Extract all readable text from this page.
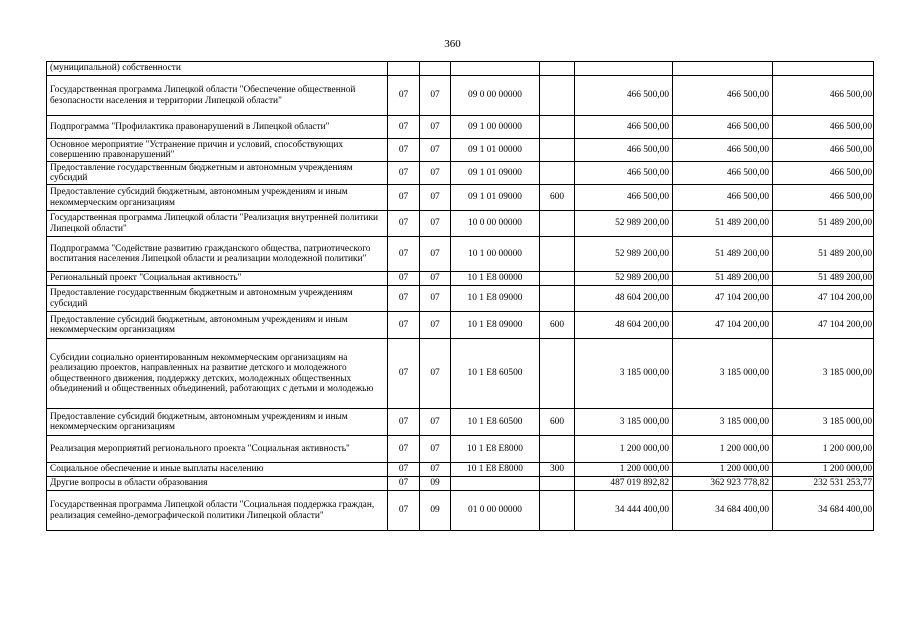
360
(муниципальной) собственности							
Государственная программа Липецкой области "Обеспечение общественной безопасности населения и территории Липецкой области"	07	07	09 0 00 00000		466 500,00	466 500,00	466 500,00
Подпрограмма "Профилактика правонарушений в Липецкой области"	07	07	09 1 00 00000		466 500,00	466 500,00	466 500,00
Основное мероприятие "Устранение причин и условий, способствующих совершению правонарушений"	07	07	09 1 01 00000		466 500,00	466 500,00	466 500,00
Предоставление государственным бюджетным и автономным учреждениям субсидий	07	07	09 1 01 09000		466 500,00	466 500,00	466 500,00
Предоставление субсидий бюджетным, автономным учреждениям и иным некоммерческим организациям	07	07	09 1 01 09000	600	466 500,00	466 500,00	466 500,00
Государственная программа Липецкой области "Реализация внутренней политики Липецкой области"	07	07	10 0 00 00000		52 989 200,00	51 489 200,00	51 489 200,00
Подпрограмма "Содействие развитию гражданского общества, патриотического воспитания населения Липецкой области и реализации молодежной политики"	07	07	10 1 00 00000		52 989 200,00	51 489 200,00	51 489 200,00
Региональный проект "Социальная активность"	07	07	10 1 E8 00000		52 989 200,00	51 489 200,00	51 489 200,00
Предоставление государственным бюджетным и автономным учреждениям субсидий	07	07	10 1 E8 09000		48 604 200,00	47 104 200,00	47 104 200,00
Предоставление субсидий бюджетным, автономным учреждениям и иным некоммерческим организациям	07	07	10 1 E8 09000	600	48 604 200,00	47 104 200,00	47 104 200,00
Субсидии социально ориентированным некоммерческим организациям на реализацию проектов, направленных на развитие детского и молодежного общественного движения, поддержку детских, молодежных общественных объединений и общественных объединений, работающих с детьми и молодежью	07	07	10 1 E8 60500		3 185 000,00	3 185 000,00	3 185 000,00
Предоставление субсидий бюджетным, автономным учреждениям и иным некоммерческим организациям	07	07	10 1 E8 60500	600	3 185 000,00	3 185 000,00	3 185 000,00
Реализация мероприятий регионального проекта "Социальная активность"	07	07	10 1 E8 E8000		1 200 000,00	1 200 000,00	1 200 000,00
Социальное обеспечение и иные выплаты населению	07	07	10 1 E8 E8000	300	1 200 000,00	1 200 000,00	1 200 000,00
Другие вопросы в области образования	07	09			487 019 892,82	362 923 778,82	232 531 253,77
Государственная программа Липецкой области "Социальная поддержка граждан, реализация семейно-демографической политики Липецкой области"	07	09	01 0 00 00000		34 444 400,00	34 684 400,00	34 684 400,00
